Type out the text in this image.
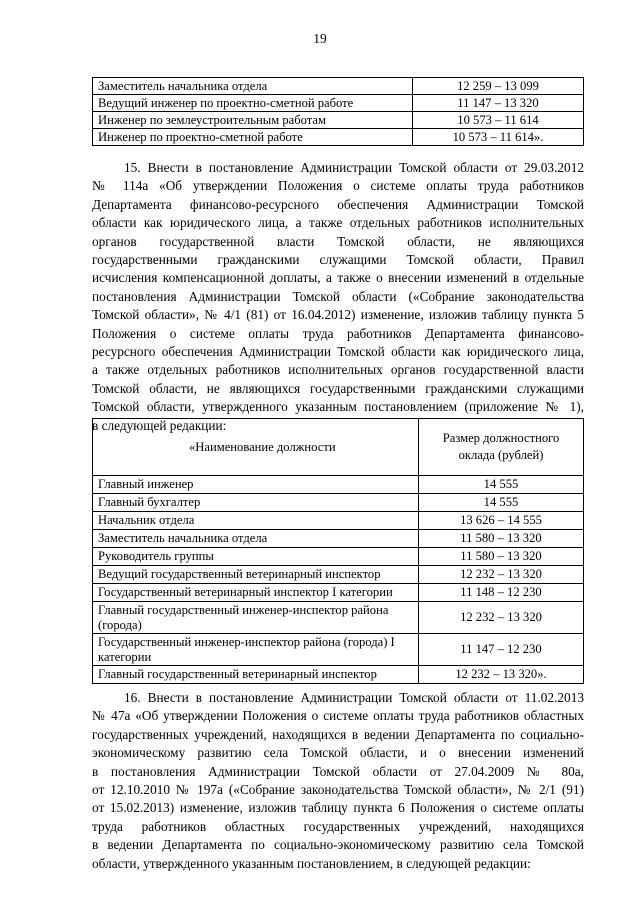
19
Заместитель начальника отдела	12 259 – 13 099
Ведущий инженер по проектно-сметной работе	11 147 – 13 320
Инженер по землеустроительным работам	10 573 – 11 614
Инженер по проектно-сметной работе	10 573 – 11 614».

15. Внести в постановление Администрации Томской области от 29.03.2012
№ 114а «Об утверждении Положения о системе оплаты труда работников
Департамента финансово-ресурсного обеспечения Администрации Томской
области как юридического лица, а также отдельных работников исполнительных
органов государственной власти Томской области, не являющихся
государственными гражданскими служащими Томской области, Правил
исчисления компенсационной доплаты, а также о внесении изменений в отдельные
постановления Администрации Томской области («Собрание законодательства
Томской области», № 4/1 (81) от 16.04.2012) изменение, изложив таблицу пункта 5
Положения о системе оплаты труда работников Департамента финансово-
ресурсного обеспечения Администрации Томской области как юридического лица,
а также отдельных работников исполнительных органов государственной власти
Томской области, не являющихся государственными гражданскими служащими
Томской области, утвержденного указанным постановлением (приложение № 1),
в следующей редакции:

«Наименование должности	Размер должностного оклада (рублей)
Главный инженер	14 555
Главный бухгалтер	14 555
Начальник отдела	13 626 – 14 555
Заместитель начальника отдела	11 580 – 13 320
Руководитель группы	11 580 – 13 320
Ведущий государственный ветеринарный инспектор	12 232 – 13 320
Государственный ветеринарный инспектор I категории	11 148 – 12 230
Главный государственный инженер-инспектор района (города)	12 232 – 13 320
Государственный инженер-инспектор района (города) I категории	11 147 – 12 230
Главный государственный ветеринарный инспектор	12 232 – 13 320».

16. Внести в постановление Администрации Томской области от 11.02.2013
№ 47а «Об утверждении Положения о системе оплаты труда работников областных
государственных учреждений, находящихся в ведении Департамента по социально-
экономическому развитию села Томской области, и о внесении изменений
в постановления Администрации Томской области от 27.04.2009 № 80а,
от 12.10.2010 № 197а («Собрание законодательства Томской области», № 2/1 (91)
от 15.02.2013) изменение, изложив таблицу пункта 6 Положения о системе оплаты
труда работников областных государственных учреждений, находящихся
в ведении Департамента по социально-экономическому развитию села Томской
области, утвержденного указанным постановлением, в следующей редакции:
